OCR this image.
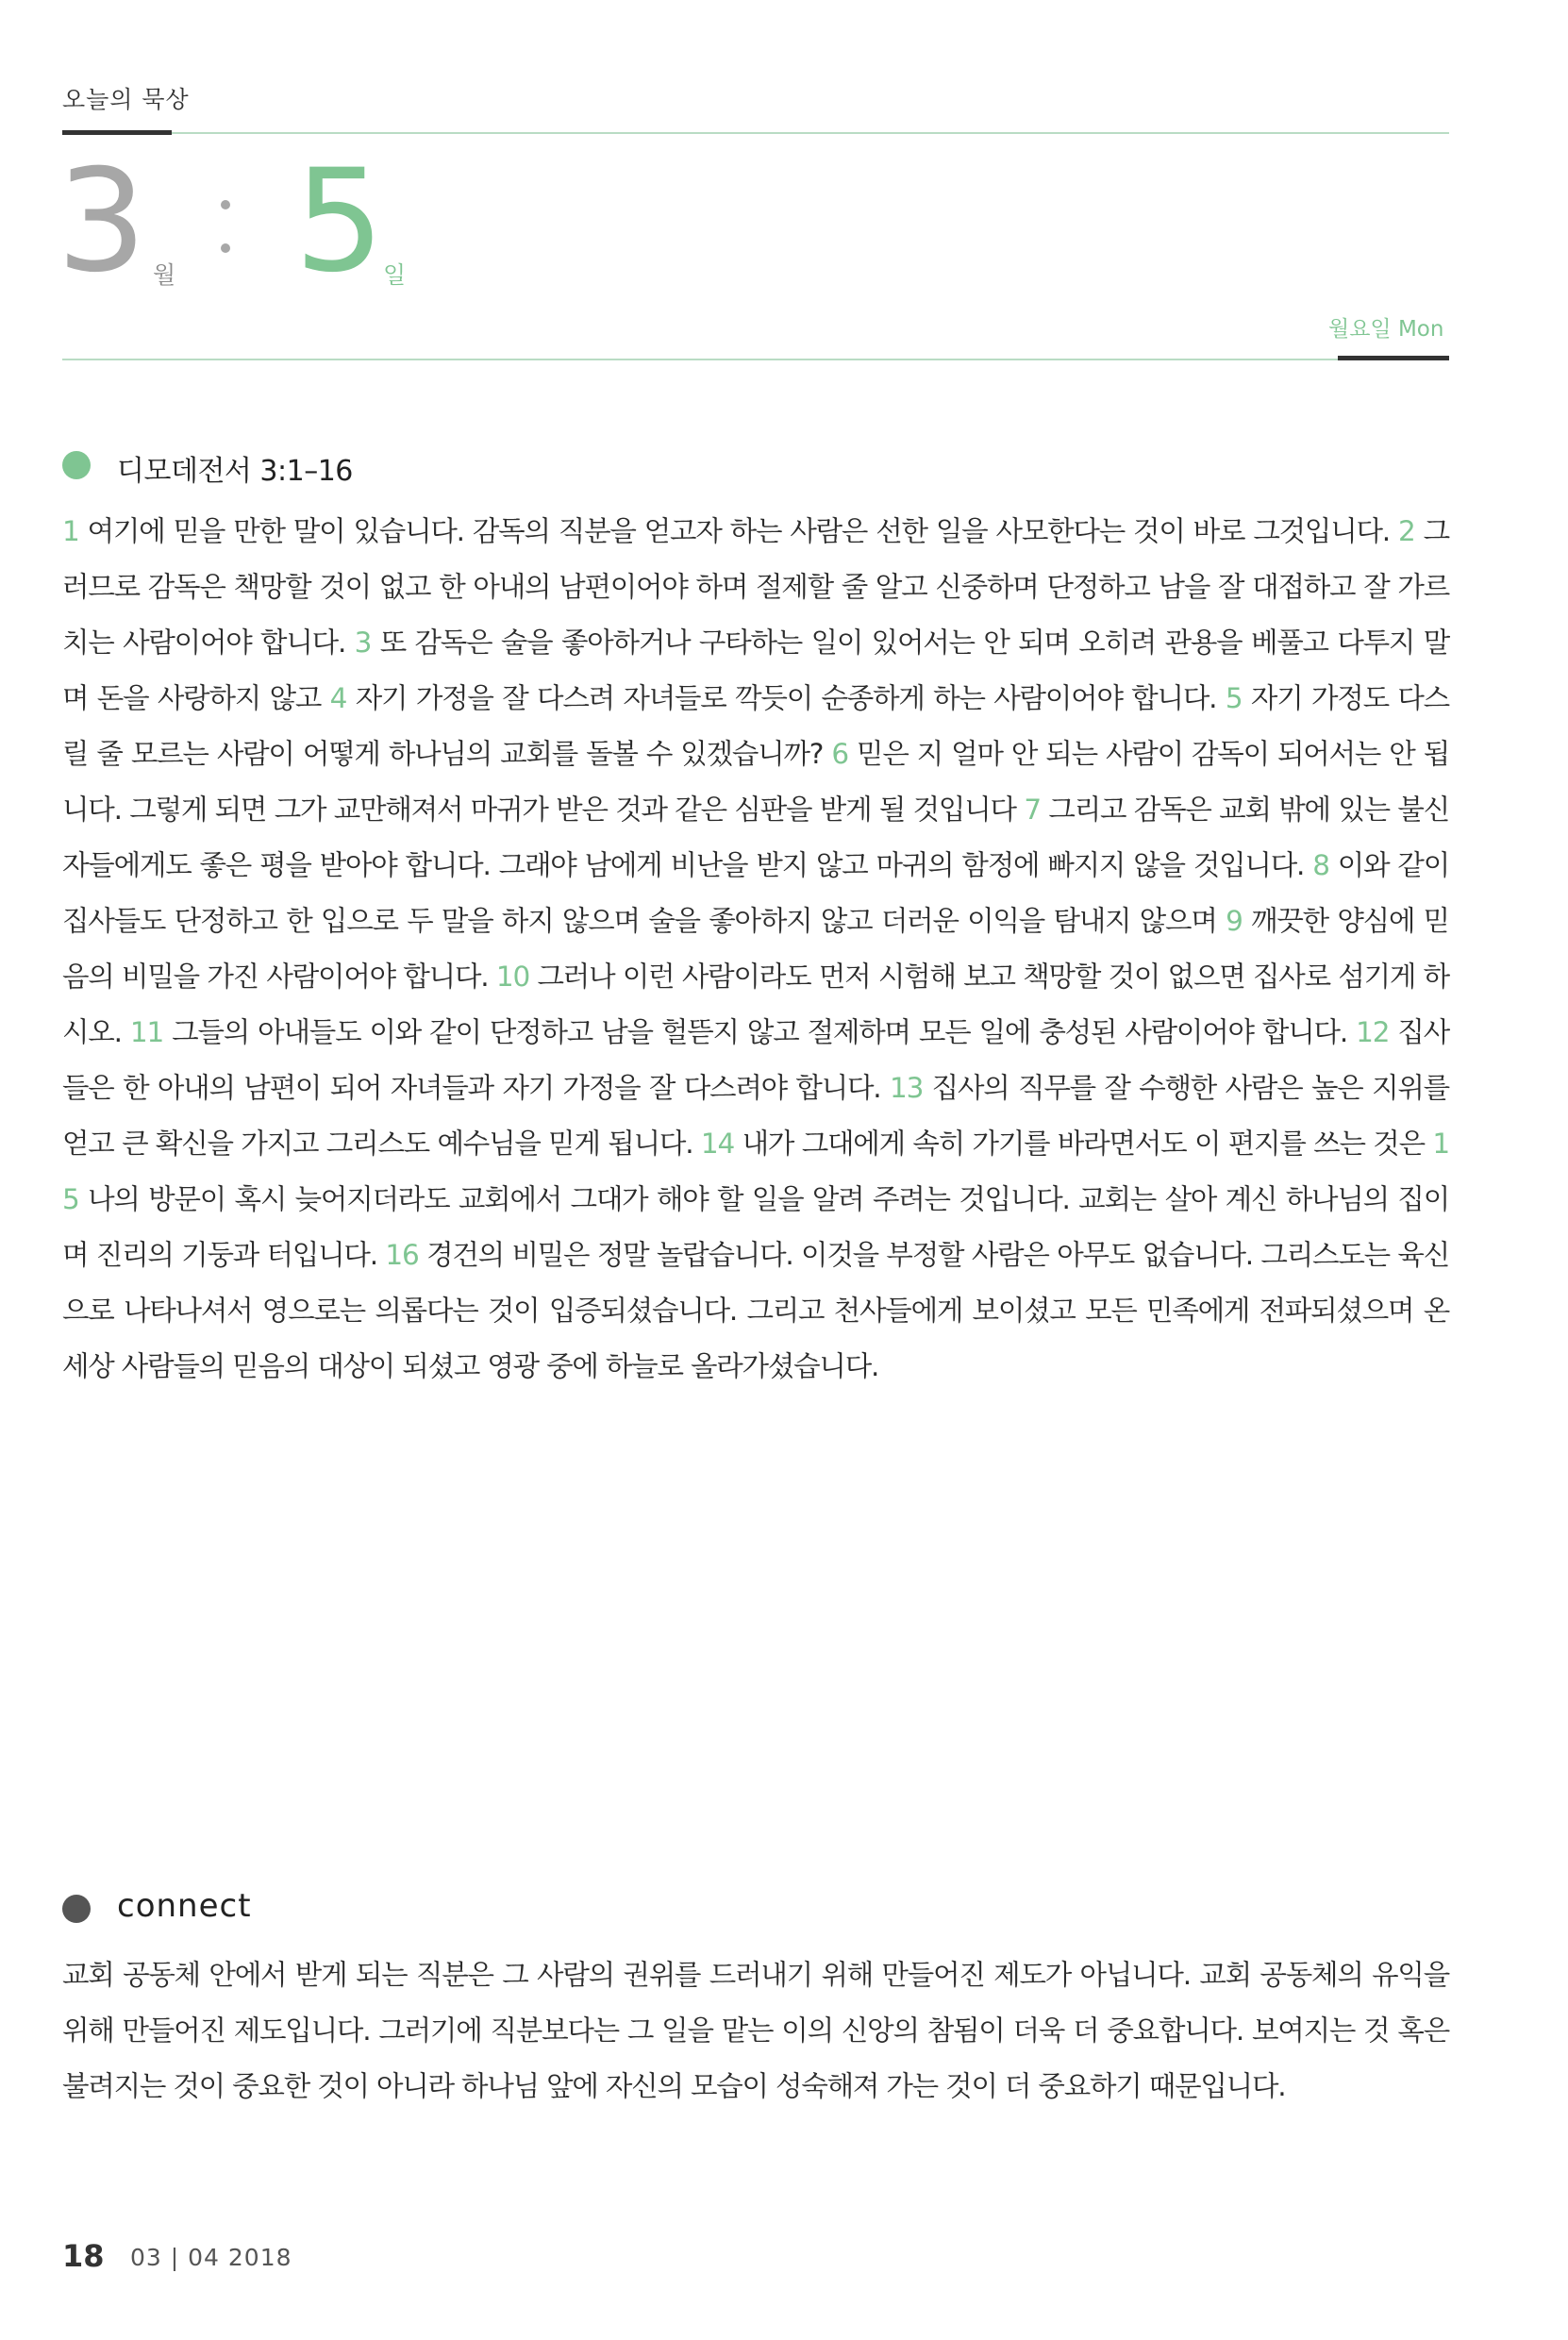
오늘의 묵상
3 월 5
일
월요일 Mon
디모데전서 3:1–16
1 여기에 믿을 만한 말이 있습니다. 감독의 직분을 얻고자 하는 사람은 선한 일을 사모한다는 것이 바로 그것입니다. 2 그러므로 감독은 책망할 것이 없고 한 아내의 남편이어야 하며 절제할 줄 알고 신중하며 단정하고 남을 잘 대접하고 잘 가르치는 사람이어야 합니다. 3 또 감독은 술을 좋아하거나 구타하는 일이 있어서는 안 되며 오히려 관용을 베풀고 다투지 말며 돈을 사랑하지 않고 4 자기 가정을 잘 다스려 자녀들로 깍듯이 순종하게 하는 사람이어야 합니다. 5 자기 가정도 다스릴 줄 모르는 사람이 어떻게 하나님의 교회를 돌볼 수 있겠습니까? 6 믿은 지 얼마 안 되는 사람이 감독이 되어서는 안 됩니다. 그렇게 되면 그가 교만해져서 마귀가 받은 것과 같은 심판을 받게 될 것입니다 7 그리고 감독은 교회 밖에 있는 불신자들에게도 좋은 평을 받아야 합니다. 그래야 남에게 비난을 받지 않고 마귀의 함정에 빠지지 않을 것입니다. 8 이와 같이 집사들도 단정하고 한 입으로 두 말을 하지 않으며 술을 좋아하지 않고 더러운 이익을 탐내지 않으며 9 깨끗한 양심에 믿음의 비밀을 가진 사람이어야 합니다. 10 그러나 이런 사람이라도 먼저 시험해 보고 책망할 것이 없으면 집사로 섬기게 하시오. 11 그들의 아내들도 이와 같이 단정하고 남을 헐뜯지 않고 절제하며 모든 일에 충성된 사람이어야 합니다. 12 집사들은 한 아내의 남편이 되어 자녀들과 자기 가정을 잘 다스려야 합니다. 13 집사의 직무를 잘 수행한 사람은 높은 지위를 얻고 큰 확신을 가지고 그리스도 예수님을 믿게 됩니다. 14 내가 그대에게 속히 가기를 바라면서도 이 편지를 쓰는 것은 15 나의 방문이 혹시 늦어지더라도 교회에서 그대가 해야 할 일을 알려 주려는 것입니다. 교회는 살아 계신 하나님의 집이며 진리의 기둥과 터입니다. 16 경건의 비밀은 정말 놀랍습니다. 이것을 부정할 사람은 아무도 없습니다. 그리스도는 육신으로 나타나셔서 영으로는 의롭다는 것이 입증되셨습니다. 그리고 천사들에게 보이셨고 모든 민족에게 전파되셨으며 온 세상 사람들의 믿음의 대상이 되셨고 영광 중에 하늘로 올라가셨습니다.
connect
교회 공동체 안에서 받게 되는 직분은 그 사람의 권위를 드러내기 위해 만들어진 제도가 아닙니다. 교회 공동체의 유익을 위해 만들어진 제도입니다. 그러기에 직분보다는 그 일을 맡는 이의 신앙의 참됨이 더욱 더 중요합니다. 보여지는 것 혹은 불려지는 것이 중요한 것이 아니라 하나님 앞에 자신의 모습이 성숙해져 가는 것이 더 중요하기 때문입니다.
18 03 | 04 2018
